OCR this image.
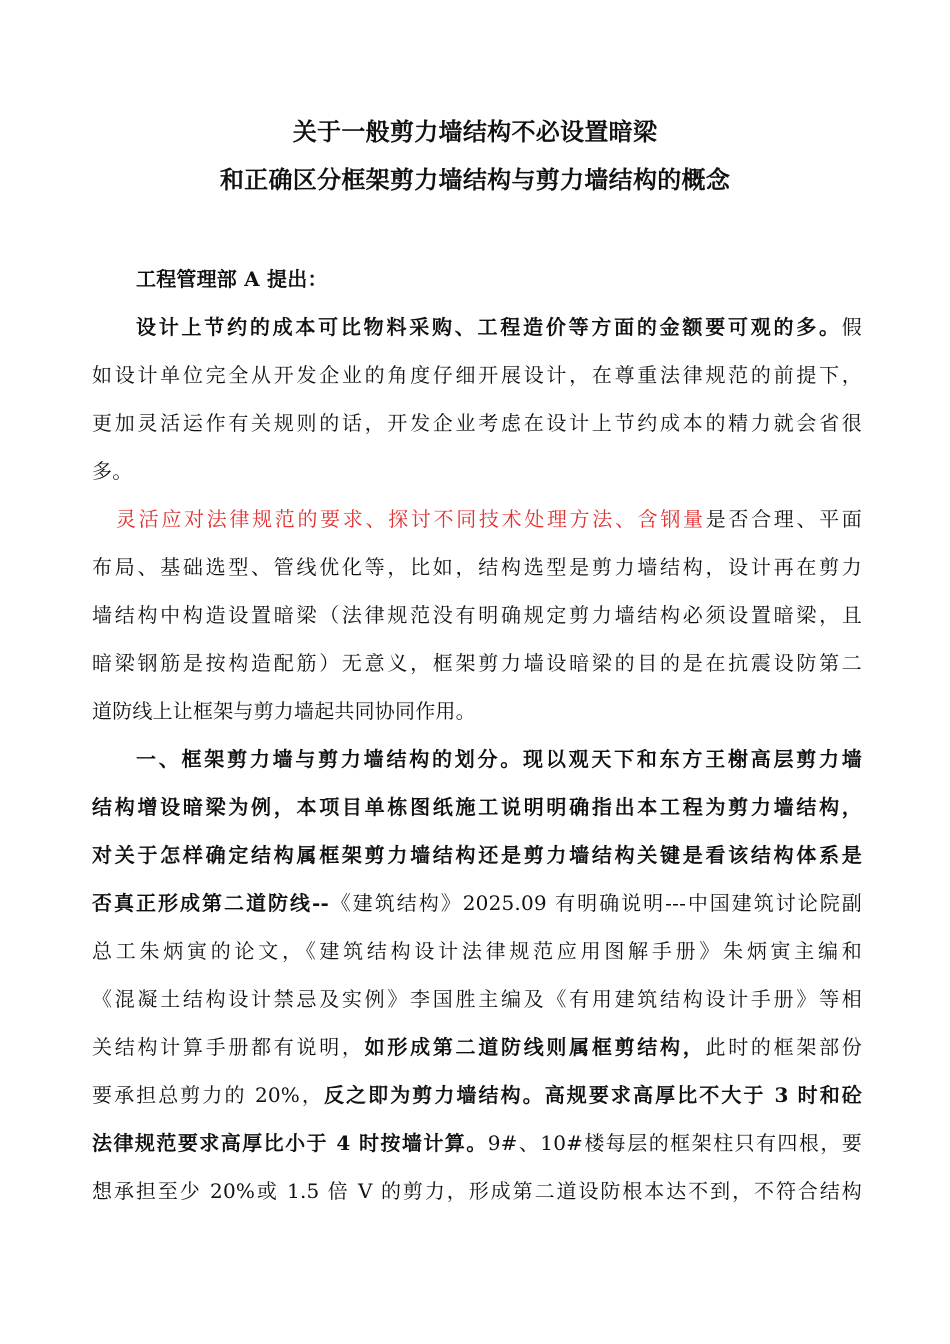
关于一般剪力墙结构不必设置暗梁
和正确区分框架剪力墙结构与剪力墙结构的概念

工程管理部 A 提出：

设计上节约的成本可比物料采购、工程造价等方面的金额要可观的多。假
如设计单位完全从开发企业的角度仔细开展设计，在尊重法律规范的前提下，
更加灵活运作有关规则的话，开发企业考虑在设计上节约成本的精力就会省很
多。

灵活应对法律规范的要求、探讨不同技术处理方法、含钢量是否合理、平面
布局、基础选型、管线优化等，比如，结构选型是剪力墙结构，设计再在剪力
墙结构中构造设置暗梁（法律规范没有明确规定剪力墙结构必须设置暗梁，且
暗梁钢筋是按构造配筋）无意义，框架剪力墙设暗梁的目的是在抗震设防第二
道防线上让框架与剪力墙起共同协同作用。

一、框架剪力墙与剪力墙结构的划分。现以观天下和东方王榭高层剪力墙
结构增设暗梁为例，本项目单栋图纸施工说明明确指出本工程为剪力墙结构，
对关于怎样确定结构属框架剪力墙结构还是剪力墙结构关键是看该结构体系是
否真正形成第二道防线--《建筑结构》2025.09 有明确说明---中国建筑讨论院副
总工朱炳寅的论文，《建筑结构设计法律规范应用图解手册》朱炳寅主编和
《混凝土结构设计禁忌及实例》李国胜主编及《有用建筑结构设计手册》等相
关结构计算手册都有说明，如形成第二道防线则属框剪结构，此时的框架部份
要承担总剪力的 20%，反之即为剪力墙结构。高规要求高厚比不大于 3 时和砼
法律规范要求高厚比小于 4 时按墙计算。9#、10#楼每层的框架柱只有四根，要
想承担至少 20%或 1.5 倍 V 的剪力，形成第二道设防根本达不到，不符合结构
